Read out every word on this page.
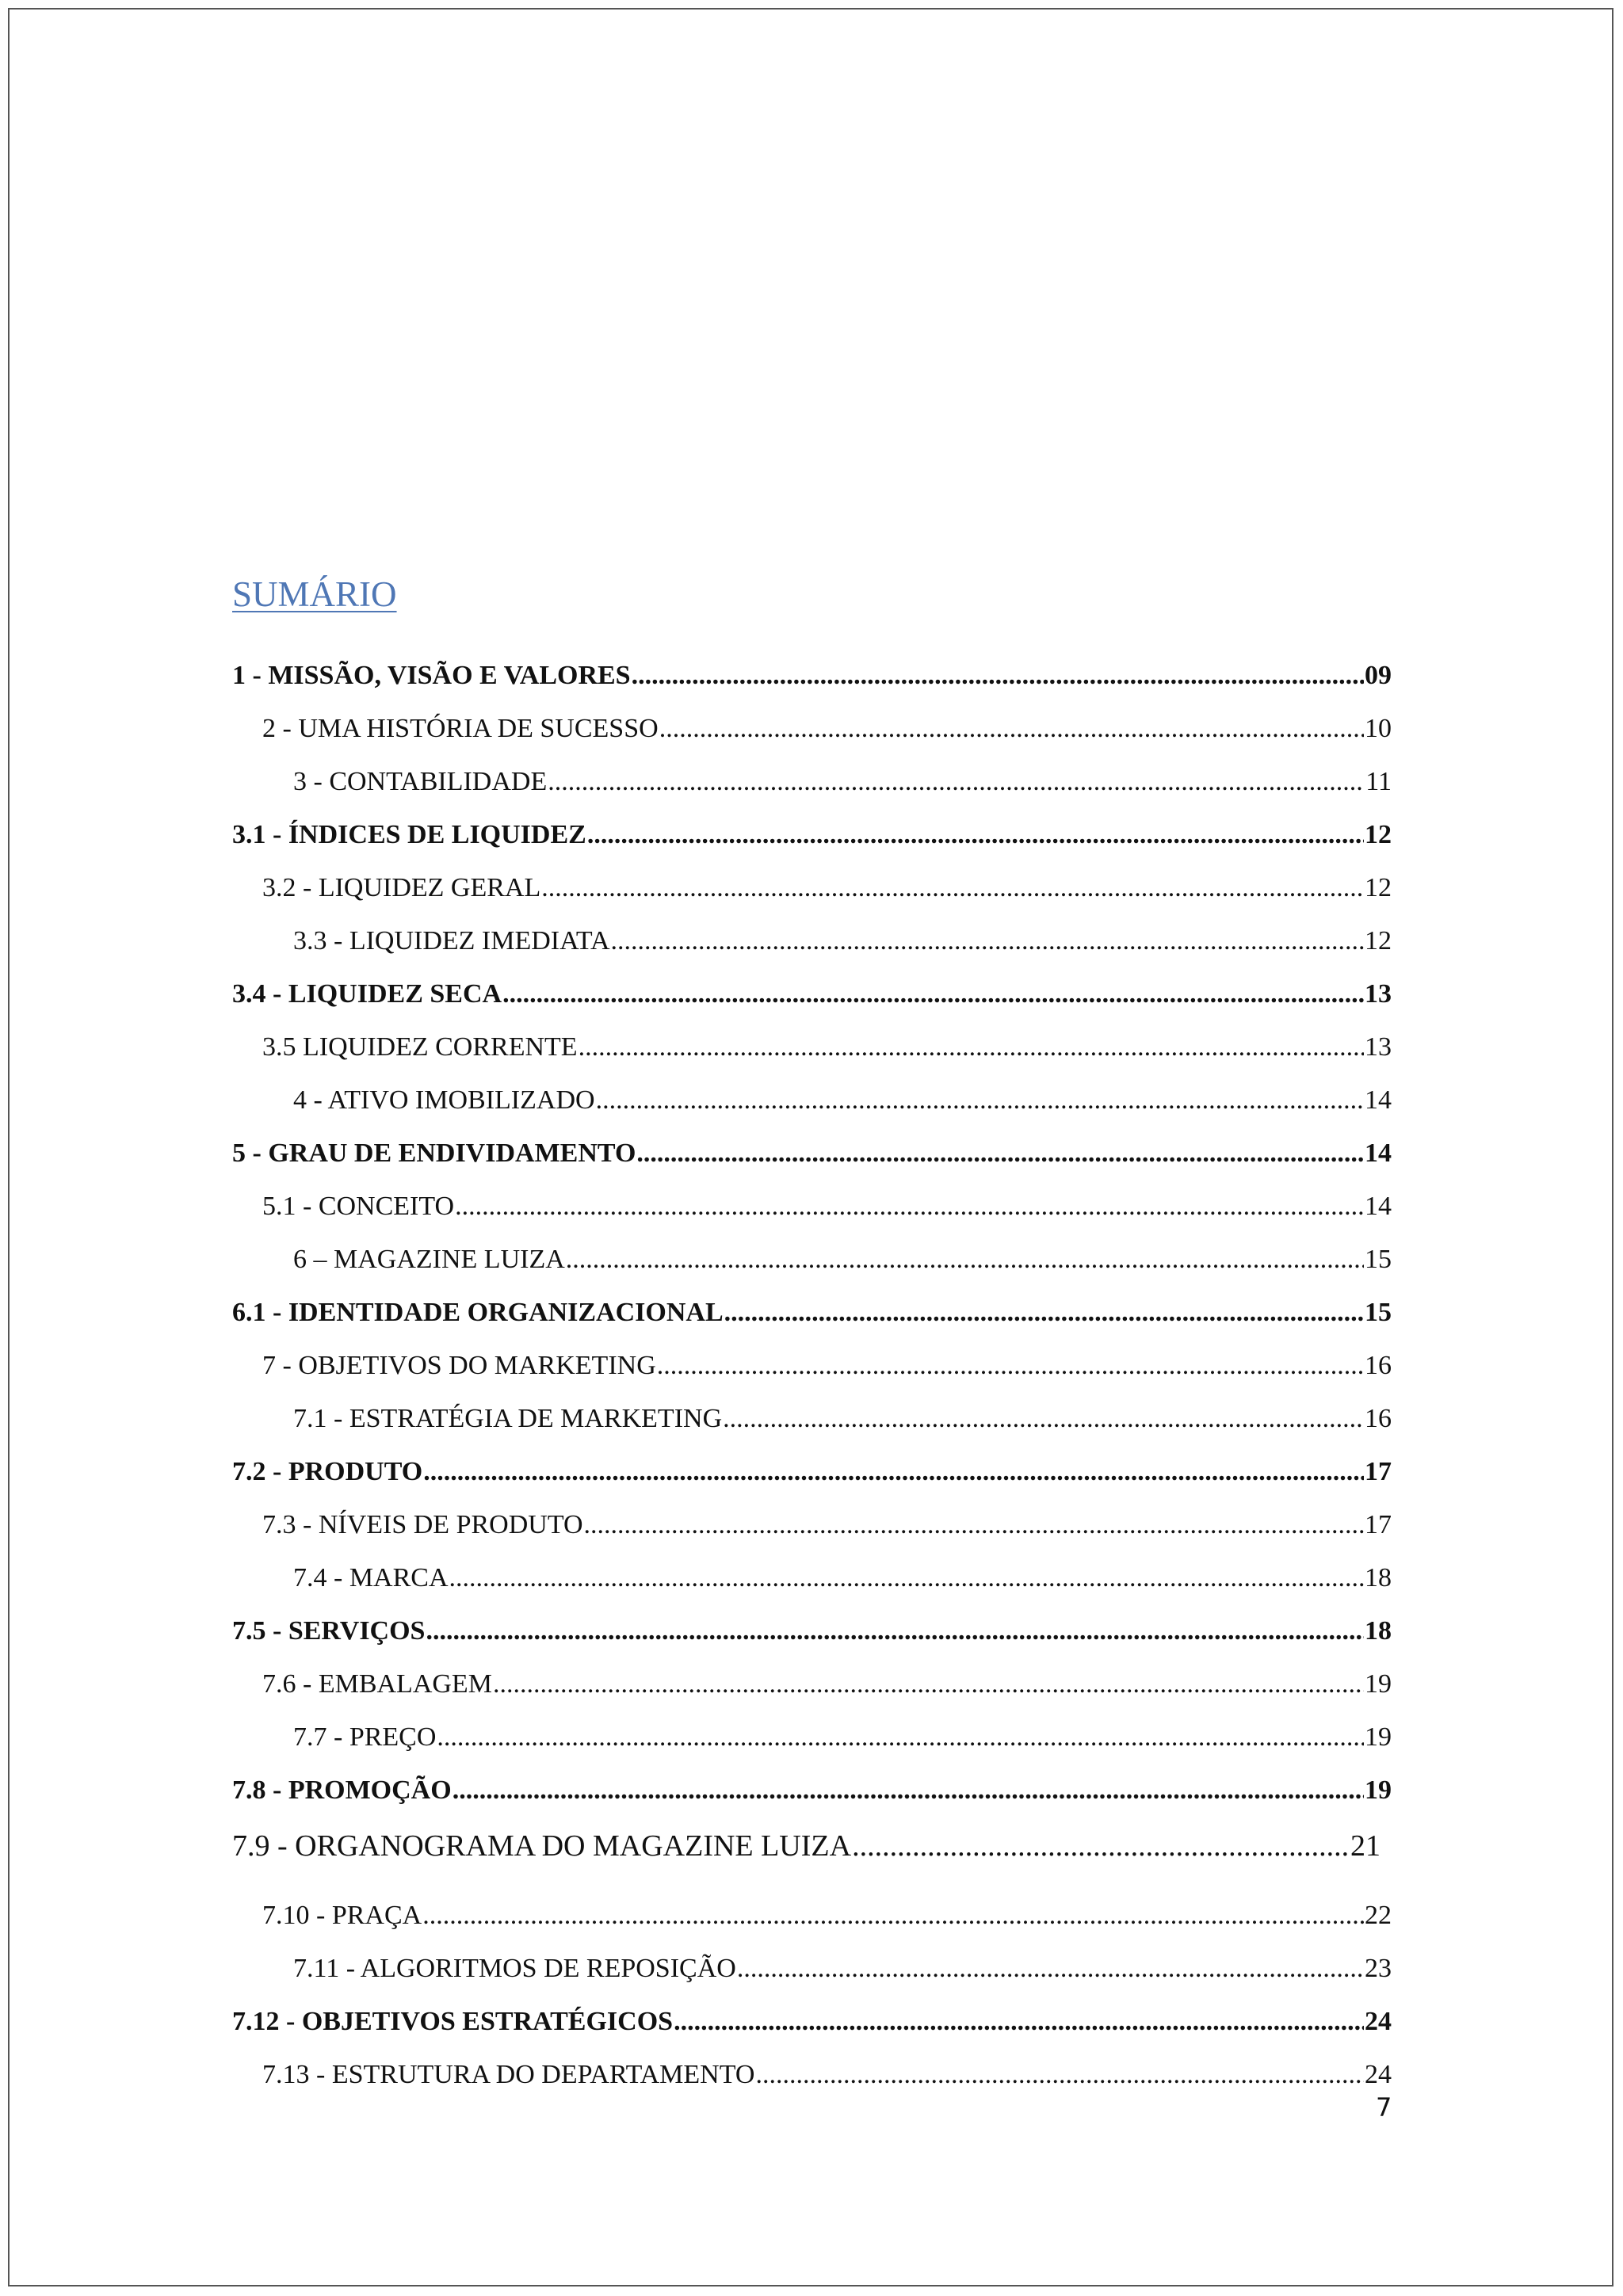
SUMÁRIO
1 - MISSÃO, VISÃO E VALORES .....	09
2 - UMA HISTÓRIA DE SUCESSO .....	10
3 - CONTABILIDADE .....	11
3.1 - ÍNDICES DE LIQUIDEZ .....	12
3.2 - LIQUIDEZ GERAL .....	12
3.3 - LIQUIDEZ IMEDIATA .....	12
3.4 - LIQUIDEZ SECA .....	13
3.5 LIQUIDEZ CORRENTE .....	13
4 - ATIVO IMOBILIZADO .....	14
5 - GRAU DE ENDIVIDAMENTO .....	14
5.1 - CONCEITO .....	14
6 – MAGAZINE LUIZA .....	15
6.1 - IDENTIDADE ORGANIZACIONAL .....	15
7 - OBJETIVOS DO MARKETING .....	16
7.1 - ESTRATÉGIA DE MARKETING .....	16
7.2 - PRODUTO .....	17
7.3 - NÍVEIS DE PRODUTO .....	17
7.4 - MARCA .....	18
7.5 - SERVIÇOS .....	18
7.6 - EMBALAGEM .....	19
7.7 - PREÇO .....	19
7.8 - PROMOÇÃO .....	19
7.9 - ORGANOGRAMA DO MAGAZINE LUIZA .....	21
7.10 - PRAÇA .....	22
7.11 - ALGORITMOS DE REPOSIÇÃO .....	23
7.12 - OBJETIVOS ESTRATÉGICOS .....	24
7.13 - ESTRUTURA DO DEPARTAMENTO .....	24
7
